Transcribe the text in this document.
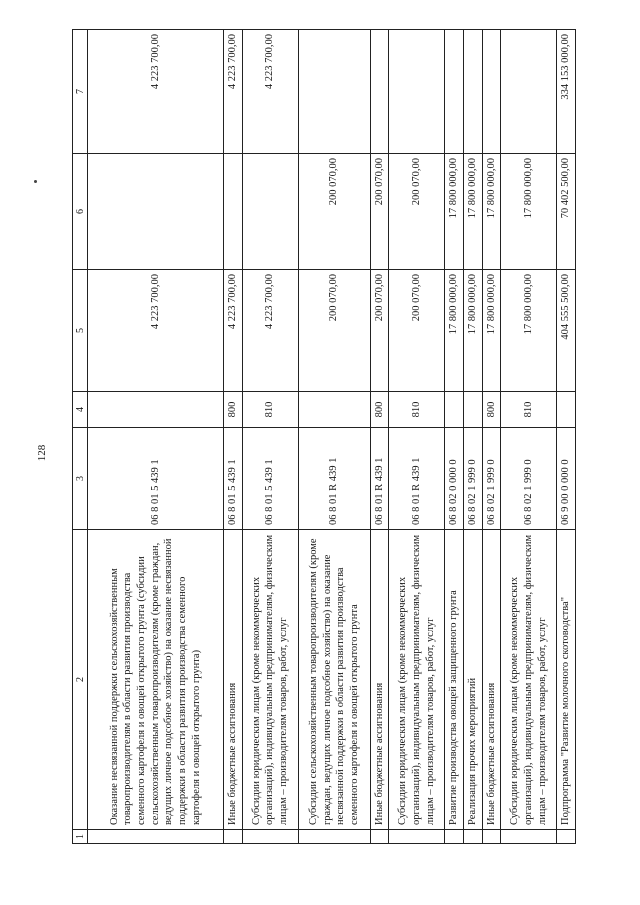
128
1	2	3	4	5	6	7
	Оказание несвязанной поддержки сельскохозяйственным товаропроизводителям в области развития производства семенного картофеля и овощей открытого грунта (субсидии сельскохозяйственным товаропроизводителям (кроме граждан, ведущих личное подсобное хозяйство) на оказание несвязанной поддержки в области развития производства семенного картофеля и овощей открытого грунта)	06 8 01 5 439 1		4 223 700,00		4 223 700,00
	Иные бюджетные ассигнования	06 8 01 5 439 1	800	4 223 700,00		4 223 700,00
	Субсидии юридическим лицам (кроме некоммерческих организаций), индивидуальным предпринимателям, физическим лицам – производителям товаров, работ, услуг	06 8 01 5 439 1	810	4 223 700,00		4 223 700,00
	Субсидии сельскохозяйственным товаропроизводителям (кроме граждан, ведущих личное подсобное хозяйство) на оказание несвязанной поддержки в области развития производства семенного картофеля и овощей открытого грунта	06 8 01 R 439 1		200 070,00	200 070,00	
	Иные бюджетные ассигнования	06 8 01 R 439 1	800	200 070,00	200 070,00	
	Субсидии юридическим лицам (кроме некоммерческих организаций), индивидуальным предпринимателям, физическим лицам – производителям товаров, работ, услуг	06 8 01 R 439 1	810	200 070,00	200 070,00	
	Развитие производства овощей защищенного грунта	06 8 02 0 000 0		17 800 000,00	17 800 000,00	
	Реализация прочих мероприятий	06 8 02 1 999 0		17 800 000,00	17 800 000,00	
	Иные бюджетные ассигнования	06 8 02 1 999 0	800	17 800 000,00	17 800 000,00	
	Субсидии юридическим лицам (кроме некоммерческих организаций), индивидуальным предпринимателям, физическим лицам – производителям товаров, работ, услуг	06 8 02 1 999 0	810	17 800 000,00	17 800 000,00	
	Подпрограмма "Развитие молочного скотоводства"	06 9 00 0 000 0		404 555 500,00	70 402 500,00	334 153 000,00
